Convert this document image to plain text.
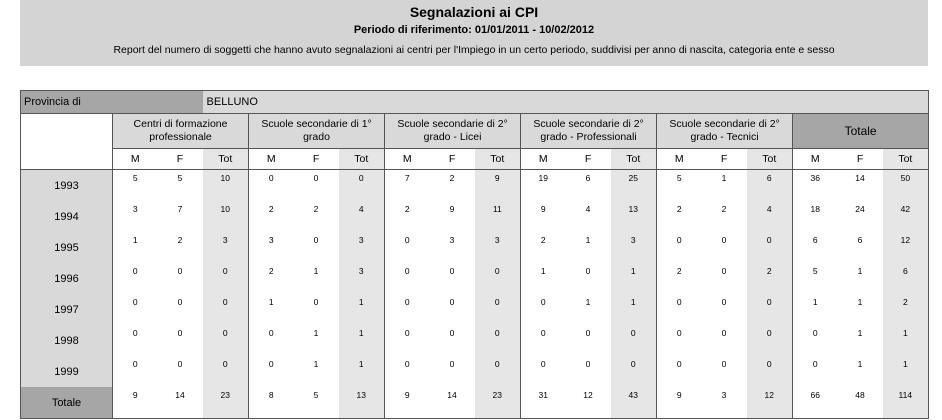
Segnalazioni ai CPI
Periodo di riferimento: 01/01/2011 - 10/02/2012
Report del numero di soggetti che hanno avuto segnalazioni ai centri per l'Impiego in un certo periodo, suddivisi per anno di nascita, categoria ente e sesso
Provincia di			BELLUNO															
	Centri di formazione professionale			Scuole secondarie di 1° grado			Scuole secondarie di 2° grado - Licei			Scuole secondarie di 2° grado - Professionali			Scuole secondarie di 2° grado - Tecnici			Totale		
	M	F	Tot	M	F	Tot	M	F	Tot	M	F	Tot	M	F	Tot	M	F	Tot
1993	5	5	10	0	0	0	7	2	9	19	6	25	5	1	6	36	14	50
1994	3	7	10	2	2	4	2	9	11	9	4	13	2	2	4	18	24	42
1995	1	2	3	3	0	3	0	3	3	2	1	3	0	0	0	6	6	12
1996	0	0	0	2	1	3	0	0	0	1	0	1	2	0	2	5	1	6
1997	0	0	0	1	0	1	0	0	0	0	1	1	0	0	0	1	1	2
1998	0	0	0	0	1	1	0	0	0	0	0	0	0	0	0	0	1	1
1999	0	0	0	0	1	1	0	0	0	0	0	0	0	0	0	0	1	1
Totale	9	14	23	8	5	13	9	14	23	31	12	43	9	3	12	66	48	114
